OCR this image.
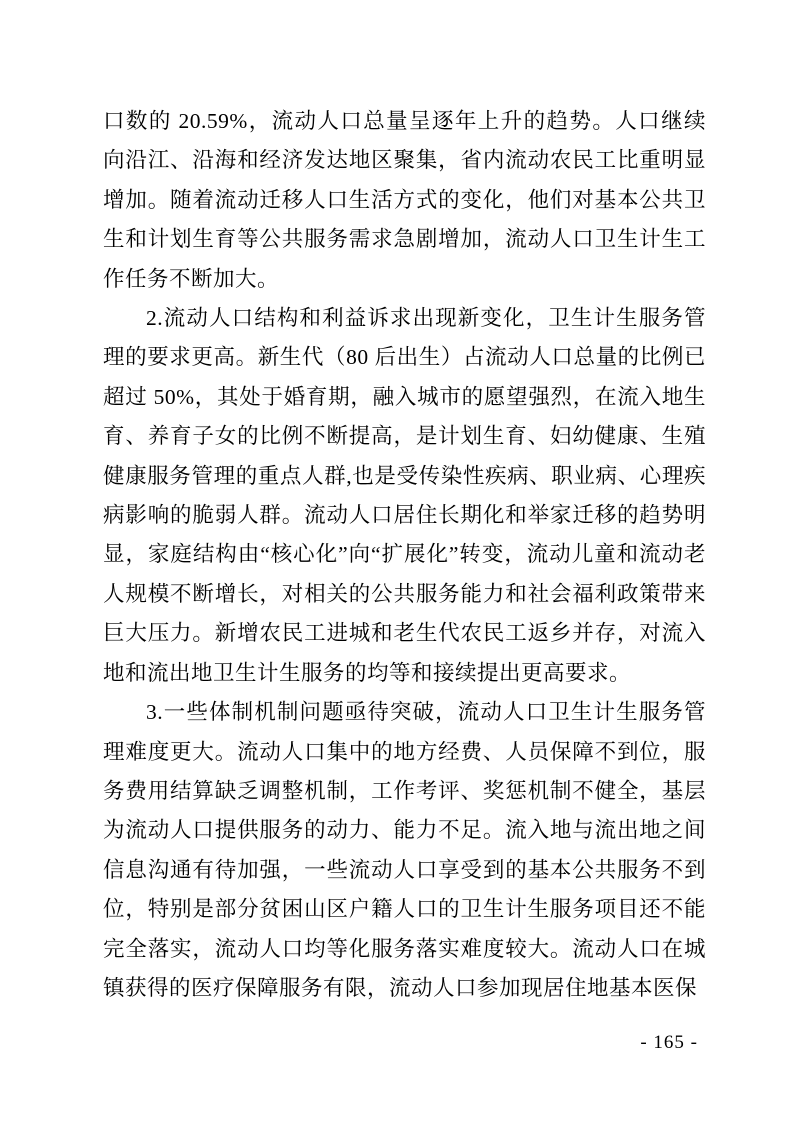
口数的 20.59%，流动人口总量呈逐年上升的趋势。人口继续向沿江、沿海和经济发达地区聚集，省内流动农民工比重明显增加。随着流动迁移人口生活方式的变化，他们对基本公共卫生和计划生育等公共服务需求急剧增加，流动人口卫生计生工作任务不断加大。

2.流动人口结构和利益诉求出现新变化，卫生计生服务管理的要求更高。新生代（80 后出生）占流动人口总量的比例已超过 50%，其处于婚育期，融入城市的愿望强烈，在流入地生育、养育子女的比例不断提高，是计划生育、妇幼健康、生殖健康服务管理的重点人群,也是受传染性疾病、职业病、心理疾病影响的脆弱人群。流动人口居住长期化和举家迁移的趋势明显，家庭结构由“核心化”向“扩展化”转变，流动儿童和流动老人规模不断增长，对相关的公共服务能力和社会福利政策带来巨大压力。新增农民工进城和老生代农民工返乡并存，对流入地和流出地卫生计生服务的均等和接续提出更高要求。

3.一些体制机制问题亟待突破，流动人口卫生计生服务管理难度更大。流动人口集中的地方经费、人员保障不到位，服务费用结算缺乏调整机制，工作考评、奖惩机制不健全，基层为流动人口提供服务的动力、能力不足。流入地与流出地之间信息沟通有待加强，一些流动人口享受到的基本公共服务不到位，特别是部分贫困山区户籍人口的卫生计生服务项目还不能完全落实，流动人口均等化服务落实难度较大。流动人口在城镇获得的医疗保障服务有限，流动人口参加现居住地基本医保

- 165 -
